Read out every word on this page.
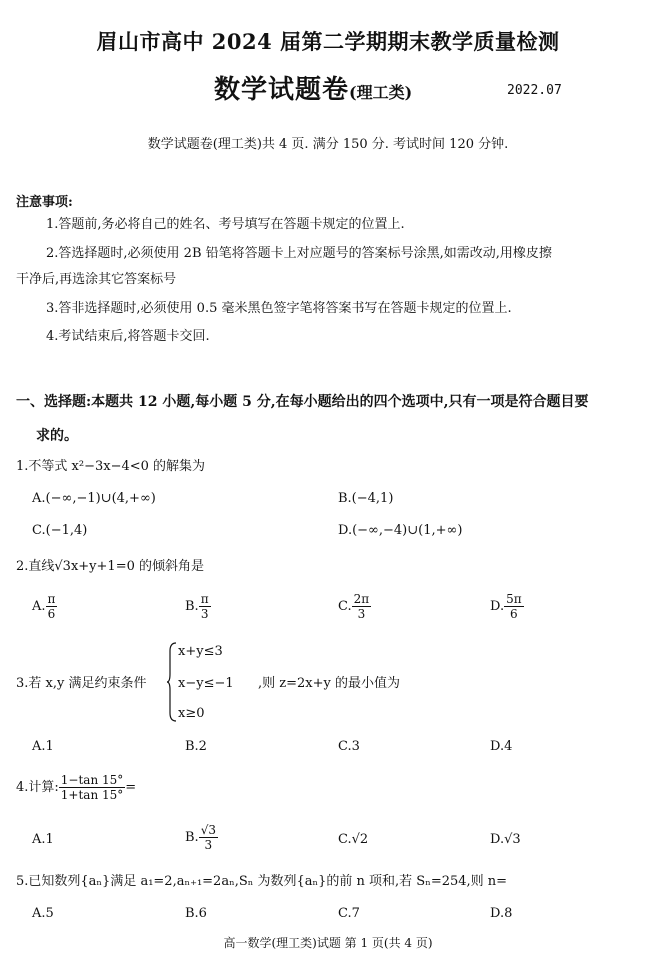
眉山市高中 2024 届第二学期期末教学质量检测
数学试题卷(理工类)	2022.07
数学试题卷(理工类)共 4 页. 满分 150 分. 考试时间 120 分钟.
注意事项:
1.答题前,务必将自己的姓名、考号填写在答题卡规定的位置上.
2.答选择题时,必须使用 2B 铅笔将答题卡上对应题号的答案标号涂黑,如需改动,用橡皮擦
干净后,再选涂其它答案标号
3.答非选择题时,必须使用 0.5 毫米黑色签字笔将答案书写在答题卡规定的位置上.
4.考试结束后,将答题卡交回.
一、选择题:本题共 12 小题,每小题 5 分,在每小题给出的四个选项中,只有一项是符合题目要
求的。
1.不等式 x²−3x−4<0 的解集为
A.(−∞,−1)∪(4,+∞)	B.(−4,1)
C.(−1,4)	D.(−∞,−4)∪(1,+∞)
2.直线√3x+y+1=0 的倾斜角是
A. $\frac{\pi}{6}$	B. $\frac{\pi}{3}$	C. $\frac{2\pi}{3}$	D. $\frac{5\pi}{6}$
3.若 x,y 满足约束条件
x+y≤3
x−y≤−1
x≥0
,则 z=2x+y 的最小值为
A.1	B.2	C.3	D.4
4.计算: $\frac{1-\tan 15^\circ}{1+\tan 15^\circ}$ =
A.1	B. $\frac{√3}{3}$	C.√2	D.√3
5.已知数列{aₙ}满足 a₁=2,aₙ₊₁=2aₙ,Sₙ 为数列{aₙ}的前 n 项和,若 Sₙ=254,则 n=
A.5	B.6	C.7	D.8
高一数学(理工类)试题 第 1 页(共 4 页)
